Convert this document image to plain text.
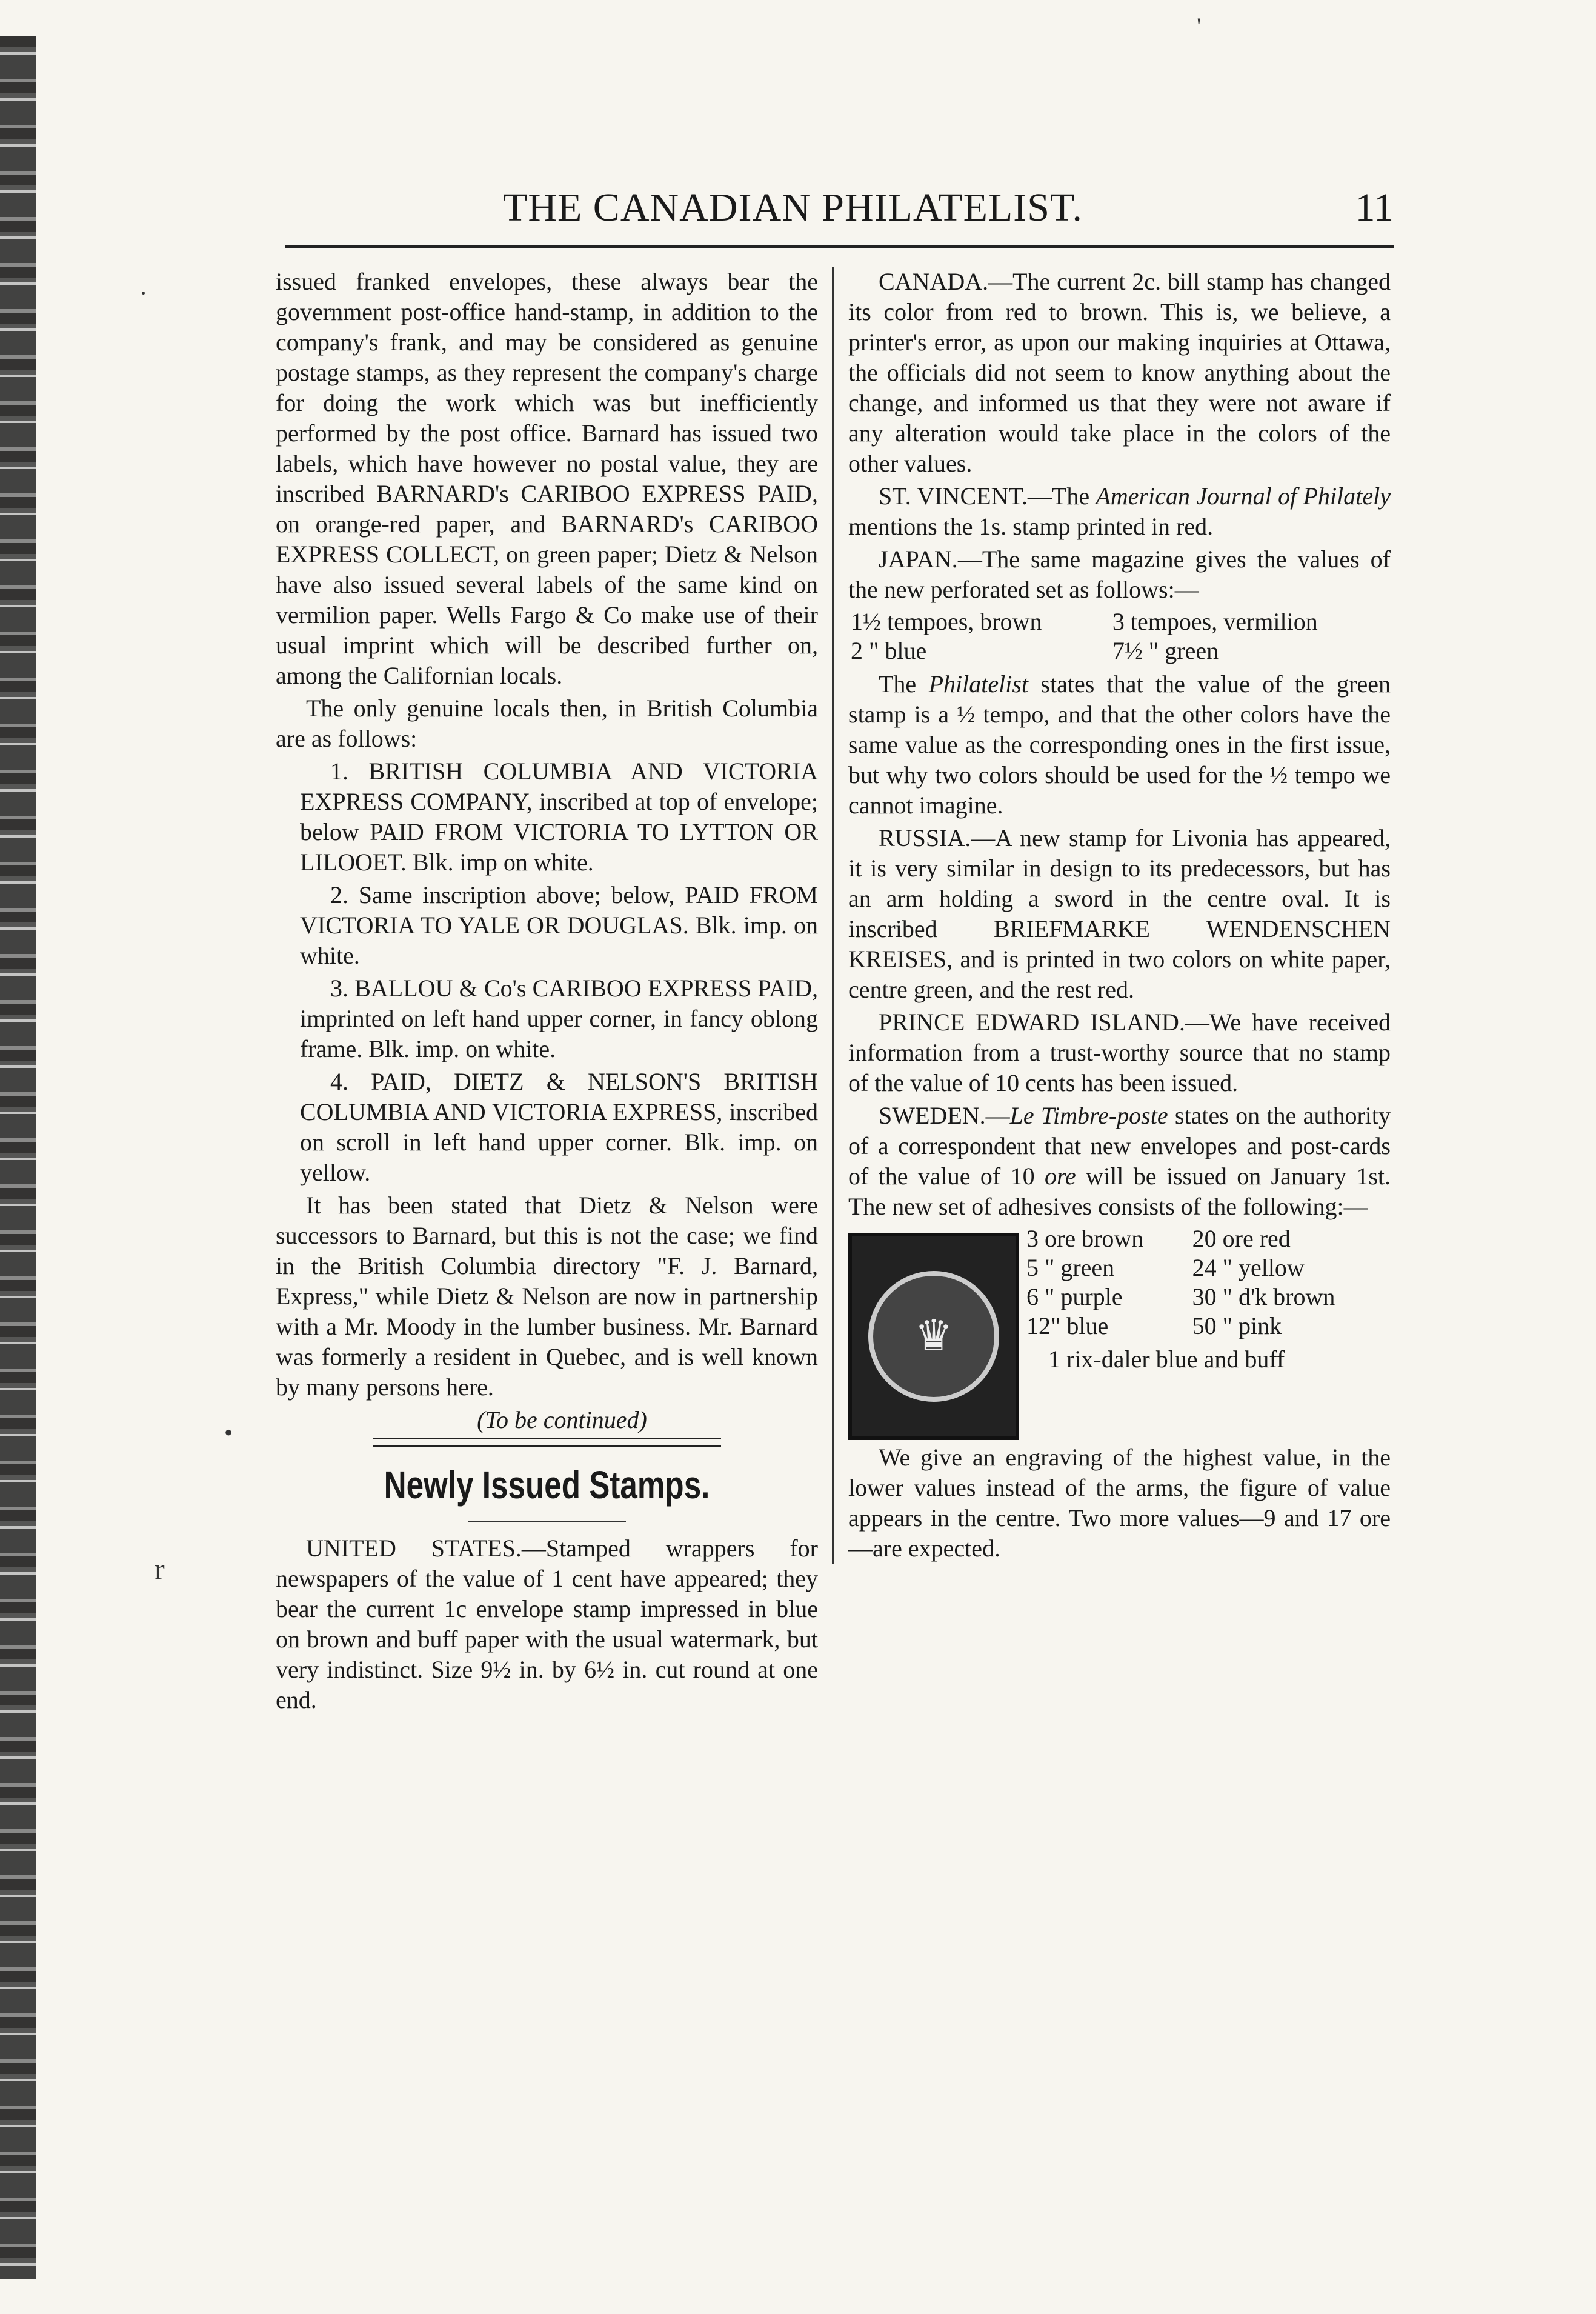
THE CANADIAN PHILATELIST.	11

issued franked envelopes, these always bear the government post-office hand-stamp, in addition to the company's frank, and may be considered as genuine postage stamps, as they represent the company's charge for doing the work which was but inefficiently performed by the post office. Barnard has issued two labels, which have however no postal value, they are inscribed BARNARD's CARIBOO EXPRESS PAID, on orange-red paper, and BARNARD's CARIBOO EXPRESS COLLECT, on green paper; Dietz & Nelson have also issued several labels of the same kind on vermilion paper. Wells Fargo & Co make use of their usual imprint which will be described further on, among the Californian locals.

The only genuine locals then, in British Columbia are as follows:

1. BRITISH COLUMBIA AND VICTORIA EXPRESS COMPANY, inscribed at top of envelope; below PAID FROM VICTORIA TO LYTTON OR LILOOET. Blk. imp on white.

2. Same inscription above; below, PAID FROM VICTORIA TO YALE OR DOUGLAS. Blk. imp. on white.

3. BALLOU & Co's CARIBOO EXPRESS PAID, imprinted on left hand upper corner, in fancy oblong frame. Blk. imp. on white.

4. PAID, DIETZ & NELSON'S BRITISH COLUMBIA AND VICTORIA EXPRESS, inscribed on scroll in left hand upper corner. Blk. imp. on yellow.

It has been stated that Dietz & Nelson were successors to Barnard, but this is not the case; we find in the British Columbia directory "F. J. Barnard, Express," while Dietz & Nelson are now in partnership with a Mr. Moody in the lumber business. Mr. Barnard was formerly a resident in Quebec, and is well known by many persons here.

(To be continued)

Newly Issued Stamps.

UNITED STATES.—Stamped wrappers for newspapers of the value of 1 cent have appeared; they bear the current 1c envelope stamp impressed in blue on brown and buff paper with the usual watermark, but very indistinct. Size 9½ in. by 6½ in. cut round at one end.

CANADA.—The current 2c. bill stamp has changed its color from red to brown. This is, we believe, a printer's error, as upon our making inquiries at Ottawa, the officials did not seem to know anything about the change, and informed us that they were not aware if any alteration would take place in the colors of the other values.

ST. VINCENT.—The American Journal of Philately mentions the 1s. stamp printed in red.

JAPAN.—The same magazine gives the values of the new perforated set as follows:—

1½ tempoes, brown	3 tempoes, vermilion
2 " blue	7½ " green

The Philatelist states that the value of the green stamp is a ½ tempo, and that the other colors have the same value as the corresponding ones in the first issue, but why two colors should be used for the ½ tempo we cannot imagine.

RUSSIA.—A new stamp for Livonia has appeared, it is very similar in design to its predecessors, but has an arm holding a sword in the centre oval. It is inscribed BRIEFMARKE WENDENSCHEN KREISES, and is printed in two colors on white paper, centre green, and the rest red.

PRINCE EDWARD ISLAND.—We have received information from a trust-worthy source that no stamp of the value of 10 cents has been issued.

SWEDEN.—Le Timbre-poste states on the authority of a correspondent that new envelopes and post-cards of the value of 10 ore will be issued on January 1st. The new set of adhesives consists of the following:—

♛
3 ore brown	20 ore red
5 " green	24 " yellow
6 " purple	30 " d'k brown
12" blue	50 " pink

1 rix-daler blue and buff

We give an engraving of the highest value, in the lower values instead of the arms, the figure of value appears in the centre. Two more values—9 and 17 ore—are expected.

'
·
•
r
